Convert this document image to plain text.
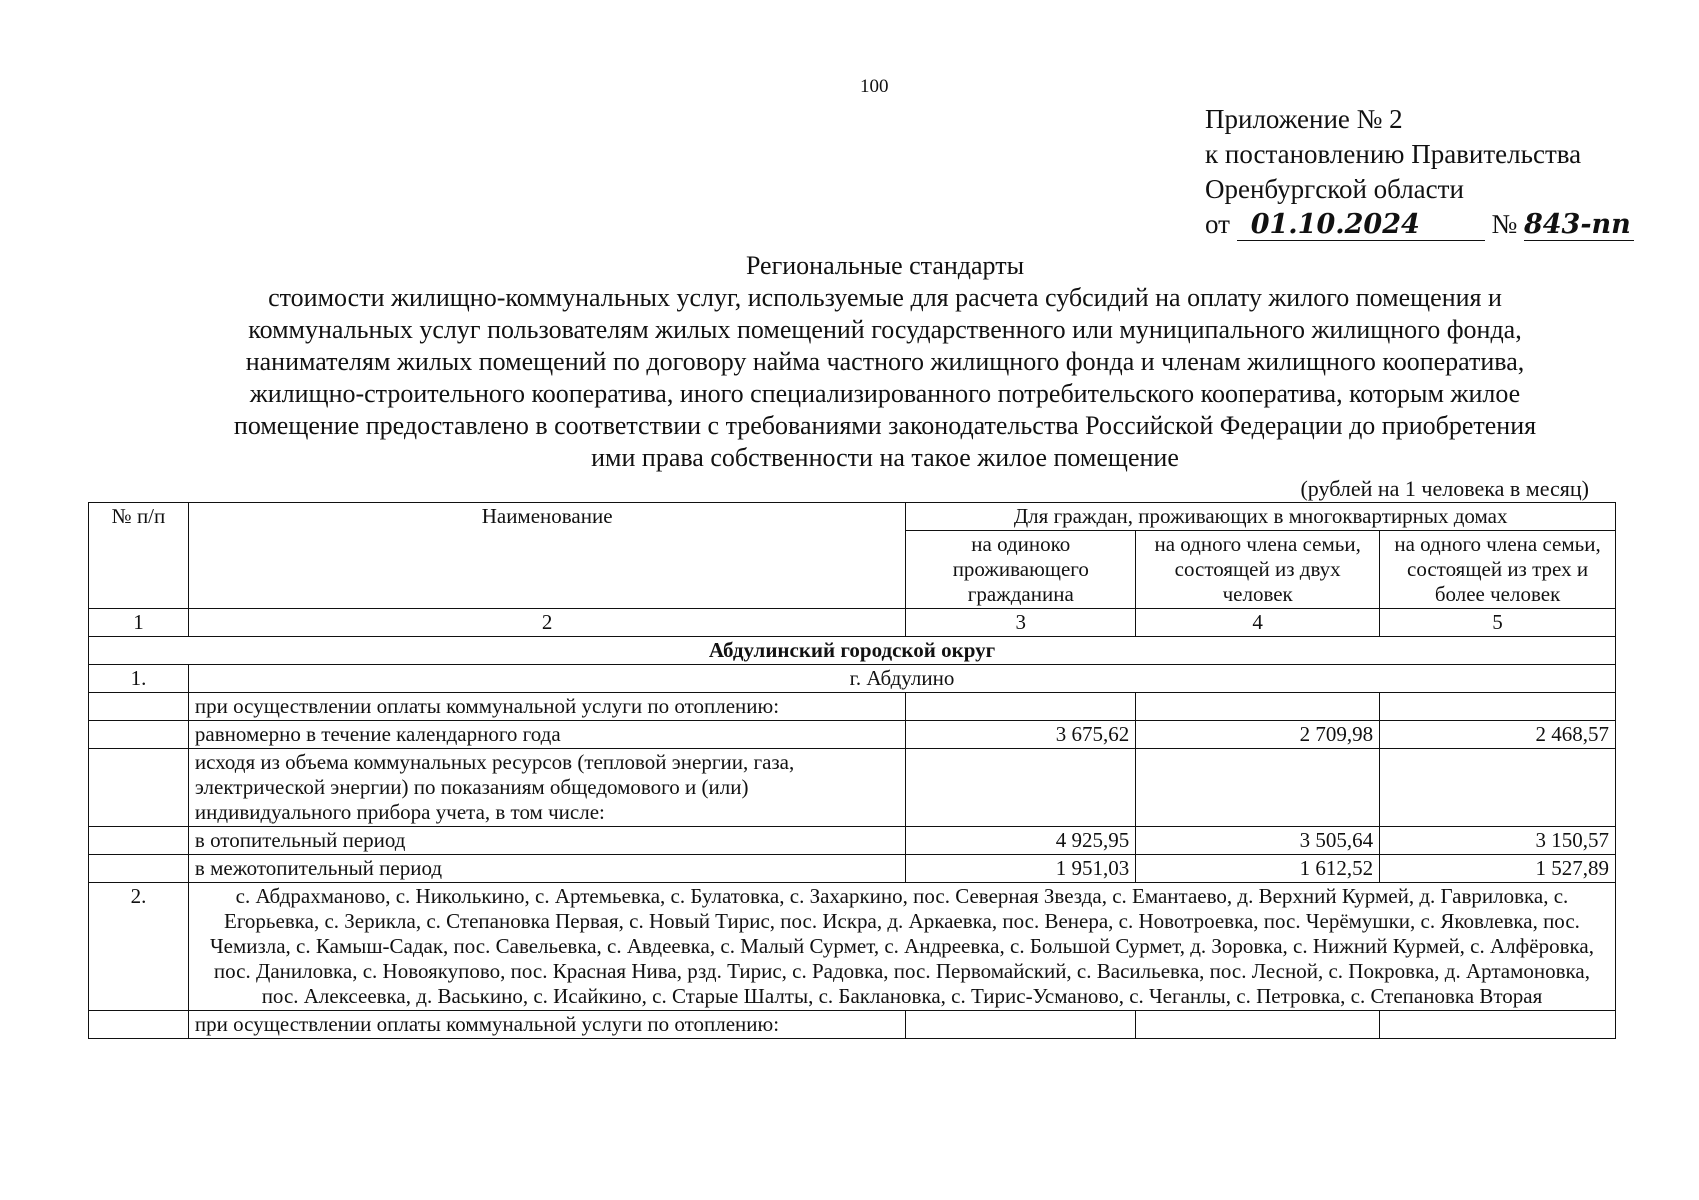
100
Приложение № 2
к постановлению Правительства
Оренбургской области
от 01.10.2024	№ 843-пп
Региональные стандарты
стоимости жилищно-коммунальных услуг, используемые для расчета субсидий на оплату жилого помещения и
коммунальных услуг пользователям жилых помещений государственного или муниципального жилищного фонда,
нанимателям жилых помещений по договору найма частного жилищного фонда и членам жилищного кооператива,
жилищно-строительного кооператива, иного специализированного потребительского кооператива, которым жилое
помещение предоставлено в соответствии с требованиями законодательства Российской Федерации до приобретения
ими права собственности на такое жилое помещение
(рублей на 1 человека в месяц)
№ п/п	Наименование	Для граждан, проживающих в многоквартирных домах		
		на одиноко проживающего гражданина	на одного члена семьи, состоящей из двух человек	на одного члена семьи, состоящей из трех и более человек
1	2	3	4	5
Абдулинский городской округ				
1.	г. Абдулино			
	при осуществлении оплаты коммунальной услуги по отоплению:			
	равномерно в течение календарного года	3 675,62	2 709,98	2 468,57
	исходя из объема коммунальных ресурсов (тепловой энергии, газа, электрической энергии) по показаниям общедомового и (или) индивидуального прибора учета, в том числе:			
	в отопительный период	4 925,95	3 505,64	3 150,57
	в межотопительный период	1 951,03	1 612,52	1 527,89
2.	с. Абдрахманово, с. Николькино, с. Артемьевка, с. Булатовка, с. Захаркино, пос. Северная Звезда, с. Емантаево, д. Верхний Курмей, д. Гавриловка, с. Егорьевка, с. Зерикла, с. Степановка Первая, с. Новый Тирис, пос. Искра, д. Аркаевка, пос. Венера, с. Новотроевка, пос. Черёмушки, с. Яковлевка, пос. Чемизла, с. Камыш-Садак, пос. Савельевка, с. Авдеевка, с. Малый Сурмет, с. Андреевка, с. Большой Сурмет, д. Зоровка, с. Нижний Курмей, с. Алфёровка, пос. Даниловка, с. Новоякупово, пос. Красная Нива, рзд. Тирис, с. Радовка, пос. Первомайский, с. Васильевка, пос. Лесной, с. Покровка, д. Артамоновка, пос. Алексеевка, д. Васькино, с. Исайкино, с. Старые Шалты, с. Баклановка, с. Тирис-Усманово, с. Чеганлы, с. Петровка, с. Степановка Вторая			
	при осуществлении оплаты коммунальной услуги по отоплению:			
